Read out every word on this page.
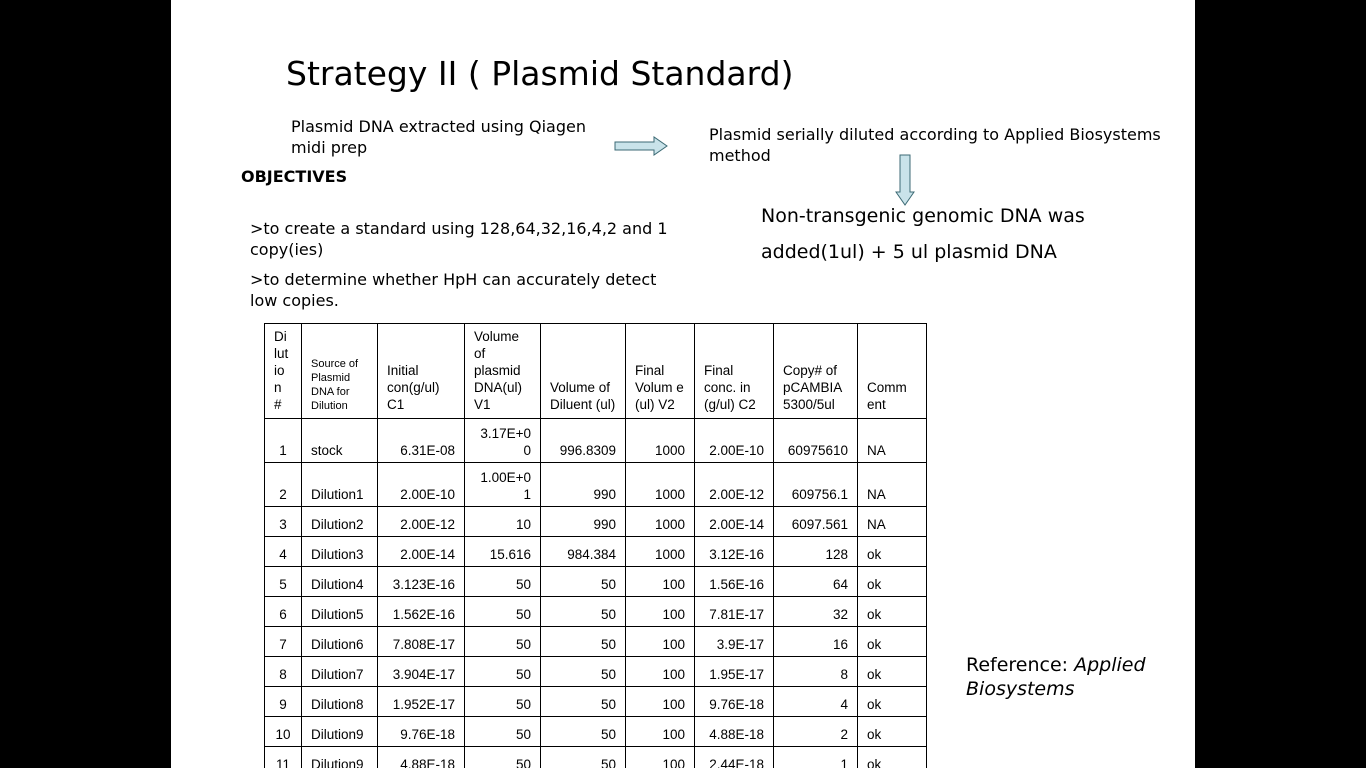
Strategy II ( Plasmid Standard)
Plasmid DNA extracted using Qiagen midi prep
Plasmid serially diluted according to Applied Biosystems method
Non-transgenic genomic DNA was added(1ul) + 5 ul plasmid DNA
OBJECTIVES
>to create a standard using 128,64,32,16,4,2 and 1 copy(ies)
>to determine whether HpH can accurately detect low copies.
Di lut io n #	Source of Plasmid DNA for Dilution	Initial con(g/ul) C1	Volume of plasmid DNA(ul) V1	Volume of Diluent (ul)	Final Volum e (ul) V2	Final conc. in (g/ul) C2	Copy# of pCAMBIA 5300/5ul	Comm ent
1	stock	6.31E-08	3.17E+0 0	996.8309	1000	2.00E-10	60975610	NA
2	Dilution1	2.00E-10	1.00E+0 1	990	1000	2.00E-12	609756.1	NA
3	Dilution2	2.00E-12	10	990	1000	2.00E-14	6097.561	NA
4	Dilution3	2.00E-14	15.616	984.384	1000	3.12E-16	128	ok
5	Dilution4	3.123E-16	50	50	100	1.56E-16	64	ok
6	Dilution5	1.562E-16	50	50	100	7.81E-17	32	ok
7	Dilution6	7.808E-17	50	50	100	3.9E-17	16	ok
8	Dilution7	3.904E-17	50	50	100	1.95E-17	8	ok
9	Dilution8	1.952E-17	50	50	100	9.76E-18	4	ok
10	Dilution9	9.76E-18	50	50	100	4.88E-18	2	ok
11	Dilution9	4.88E-18	50	50	100	2.44E-18	1	ok
Reference: Applied Biosystems
